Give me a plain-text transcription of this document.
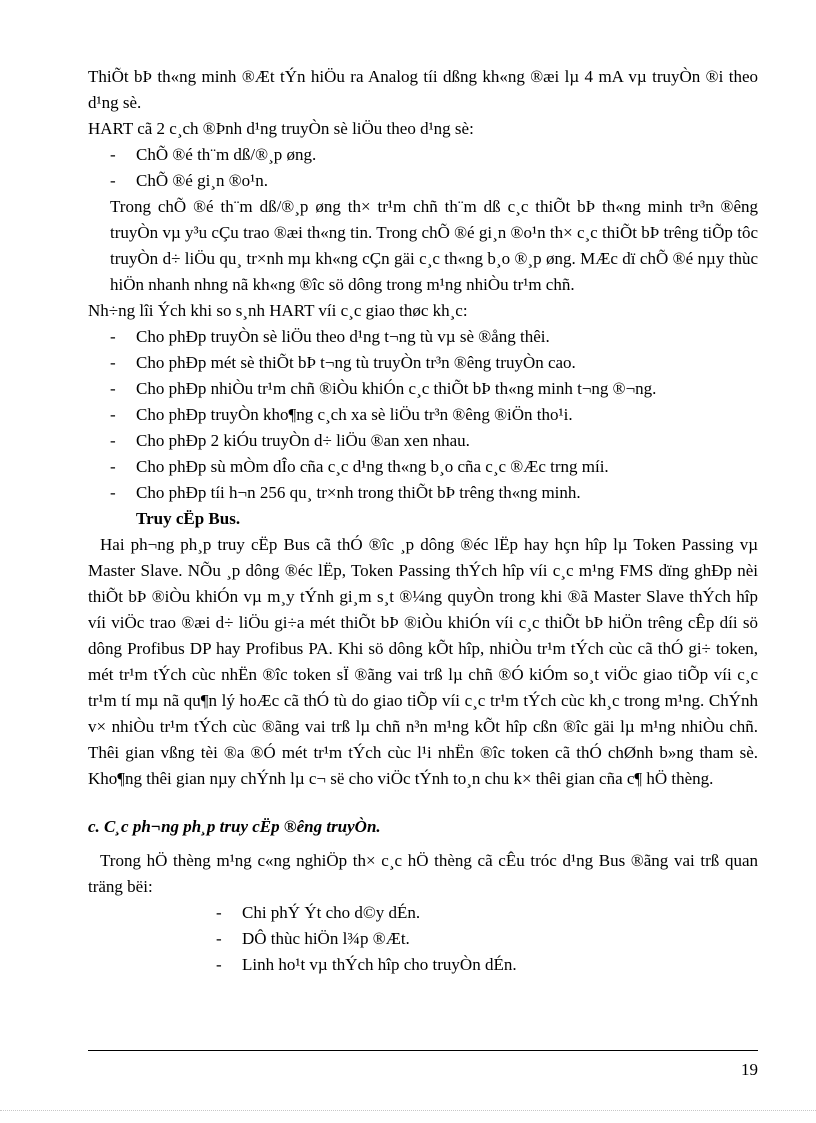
ThiÕt bÞ th«ng minh ®Æt tÝn hiÖu ra Analog tíi dßng kh«ng ®æi lµ 4 mA vµ truyÒn ®i theo d¹ng sè.

HART cã 2 c¸ch ®Þnh d¹ng truyÒn sè liÖu theo d¹ng sè:

- ChÕ ®é th¨m dß/®¸p øng.
- ChÕ ®é gi¸n ®o¹n.

Trong chÕ ®é th¨m dß/®¸p øng th× tr¹m chñ th¨m dß c¸c thiÕt bÞ th«ng minh tr³n ®êng truyÒn vµ y³u cÇu trao ®æi th«ng tin. Trong chÕ ®é gi¸n ®o¹n th× c¸c thiÕt bÞ trêng tiÕp tôc truyÒn d÷ liÖu qu¸ tr×nh mµ kh«ng cÇn gäi c¸c th«ng b¸o ®¸p øng. MÆc dï chÕ ®é nµy thùc hiÖn nhanh nhng nã kh«ng ®îc sö dông trong m¹ng nhiÒu tr¹m chñ.

Nh÷ng lîi Ých khi so s¸nh HART víi c¸c giao thøc kh¸c:

- Cho phÐp truyÒn sè liÖu theo d¹ng t¬ng tù vµ sè ®ång thêi.
- Cho phÐp mét sè thiÕt bÞ t¬ng tù truyÒn tr³n ®êng truyÒn cao.
- Cho phÐp nhiÒu tr¹m chñ ®iÒu khiÓn c¸c thiÕt bÞ th«ng minh t¬ng ®¬ng.
- Cho phÐp truyÒn kho¶ng c¸ch xa sè liÖu tr³n ®êng ®iÖn tho¹i.
- Cho phÐp 2 kiÓu truyÒn d÷ liÖu ®an xen nhau.
- Cho phÐp sù mÒm dÎo cña c¸c d¹ng th«ng b¸o cña c¸c ®Æc trng míi.
- Cho phÐp tíi h¬n 256 qu¸ tr×nh trong thiÕt bÞ trêng th«ng minh.

Truy cËp Bus.

Hai ph¬ng ph¸p truy cËp Bus cã thÓ ®îc ¸p dông ®éc lËp hay hçn hîp lµ Token Passing vµ Master Slave. NÕu ¸p dông ®éc lËp, Token Passing thÝch hîp víi c¸c m¹ng FMS dïng ghÐp nèi thiÕt bÞ ®iÒu khiÓn vµ m¸y tÝnh gi¸m s¸t ®¼ng quyÒn trong khi ®ã Master Slave thÝch hîp víi viÖc trao ®æi d÷ liÖu gi÷a mét thiÕt bÞ ®iÒu khiÓn víi c¸c thiÕt bÞ hiÖn trêng cÊp díi sö dông Profibus DP hay Profibus PA. Khi sö dông kÕt hîp, nhiÒu tr¹m tÝch cùc cã thÓ gi÷ token, mét tr¹m tÝch cùc nhËn ®îc token sÏ ®ãng vai trß lµ chñ ®Ó kiÓm so¸t viÖc giao tiÕp víi c¸c tr¹m tí mµ nã qu¶n lý hoÆc cã thÓ tù do giao tiÕp víi c¸c tr¹m tÝch cùc kh¸c trong m¹ng. ChÝnh v× nhiÒu tr¹m tÝch cùc ®ãng vai trß lµ chñ n³n m¹ng kÕt hîp cßn ®îc gäi lµ m¹ng nhiÒu chñ. Thêi gian vßng tèi ®a ®Ó mét tr¹m tÝch cùc l¹i nhËn ®îc token cã thÓ chØnh b»ng tham sè. Kho¶ng thêi gian nµy chÝnh lµ c¬ së cho viÖc tÝnh to¸n chu k× thêi gian cña c¶ hÖ thèng.

c. C¸c ph¬ng ph¸p truy cËp ®êng truyÒn.

Trong hÖ thèng m¹ng c«ng nghiÖp th× c¸c hÖ thèng cã cÊu tróc d¹ng Bus ®ãng vai trß quan träng bëi:

- Chi phÝ Ýt cho d©y dÉn.
- DÔ thùc hiÖn l¾p ®Æt.
- Linh ho¹t vµ thÝch hîp cho truyÒn dÉn.
19
